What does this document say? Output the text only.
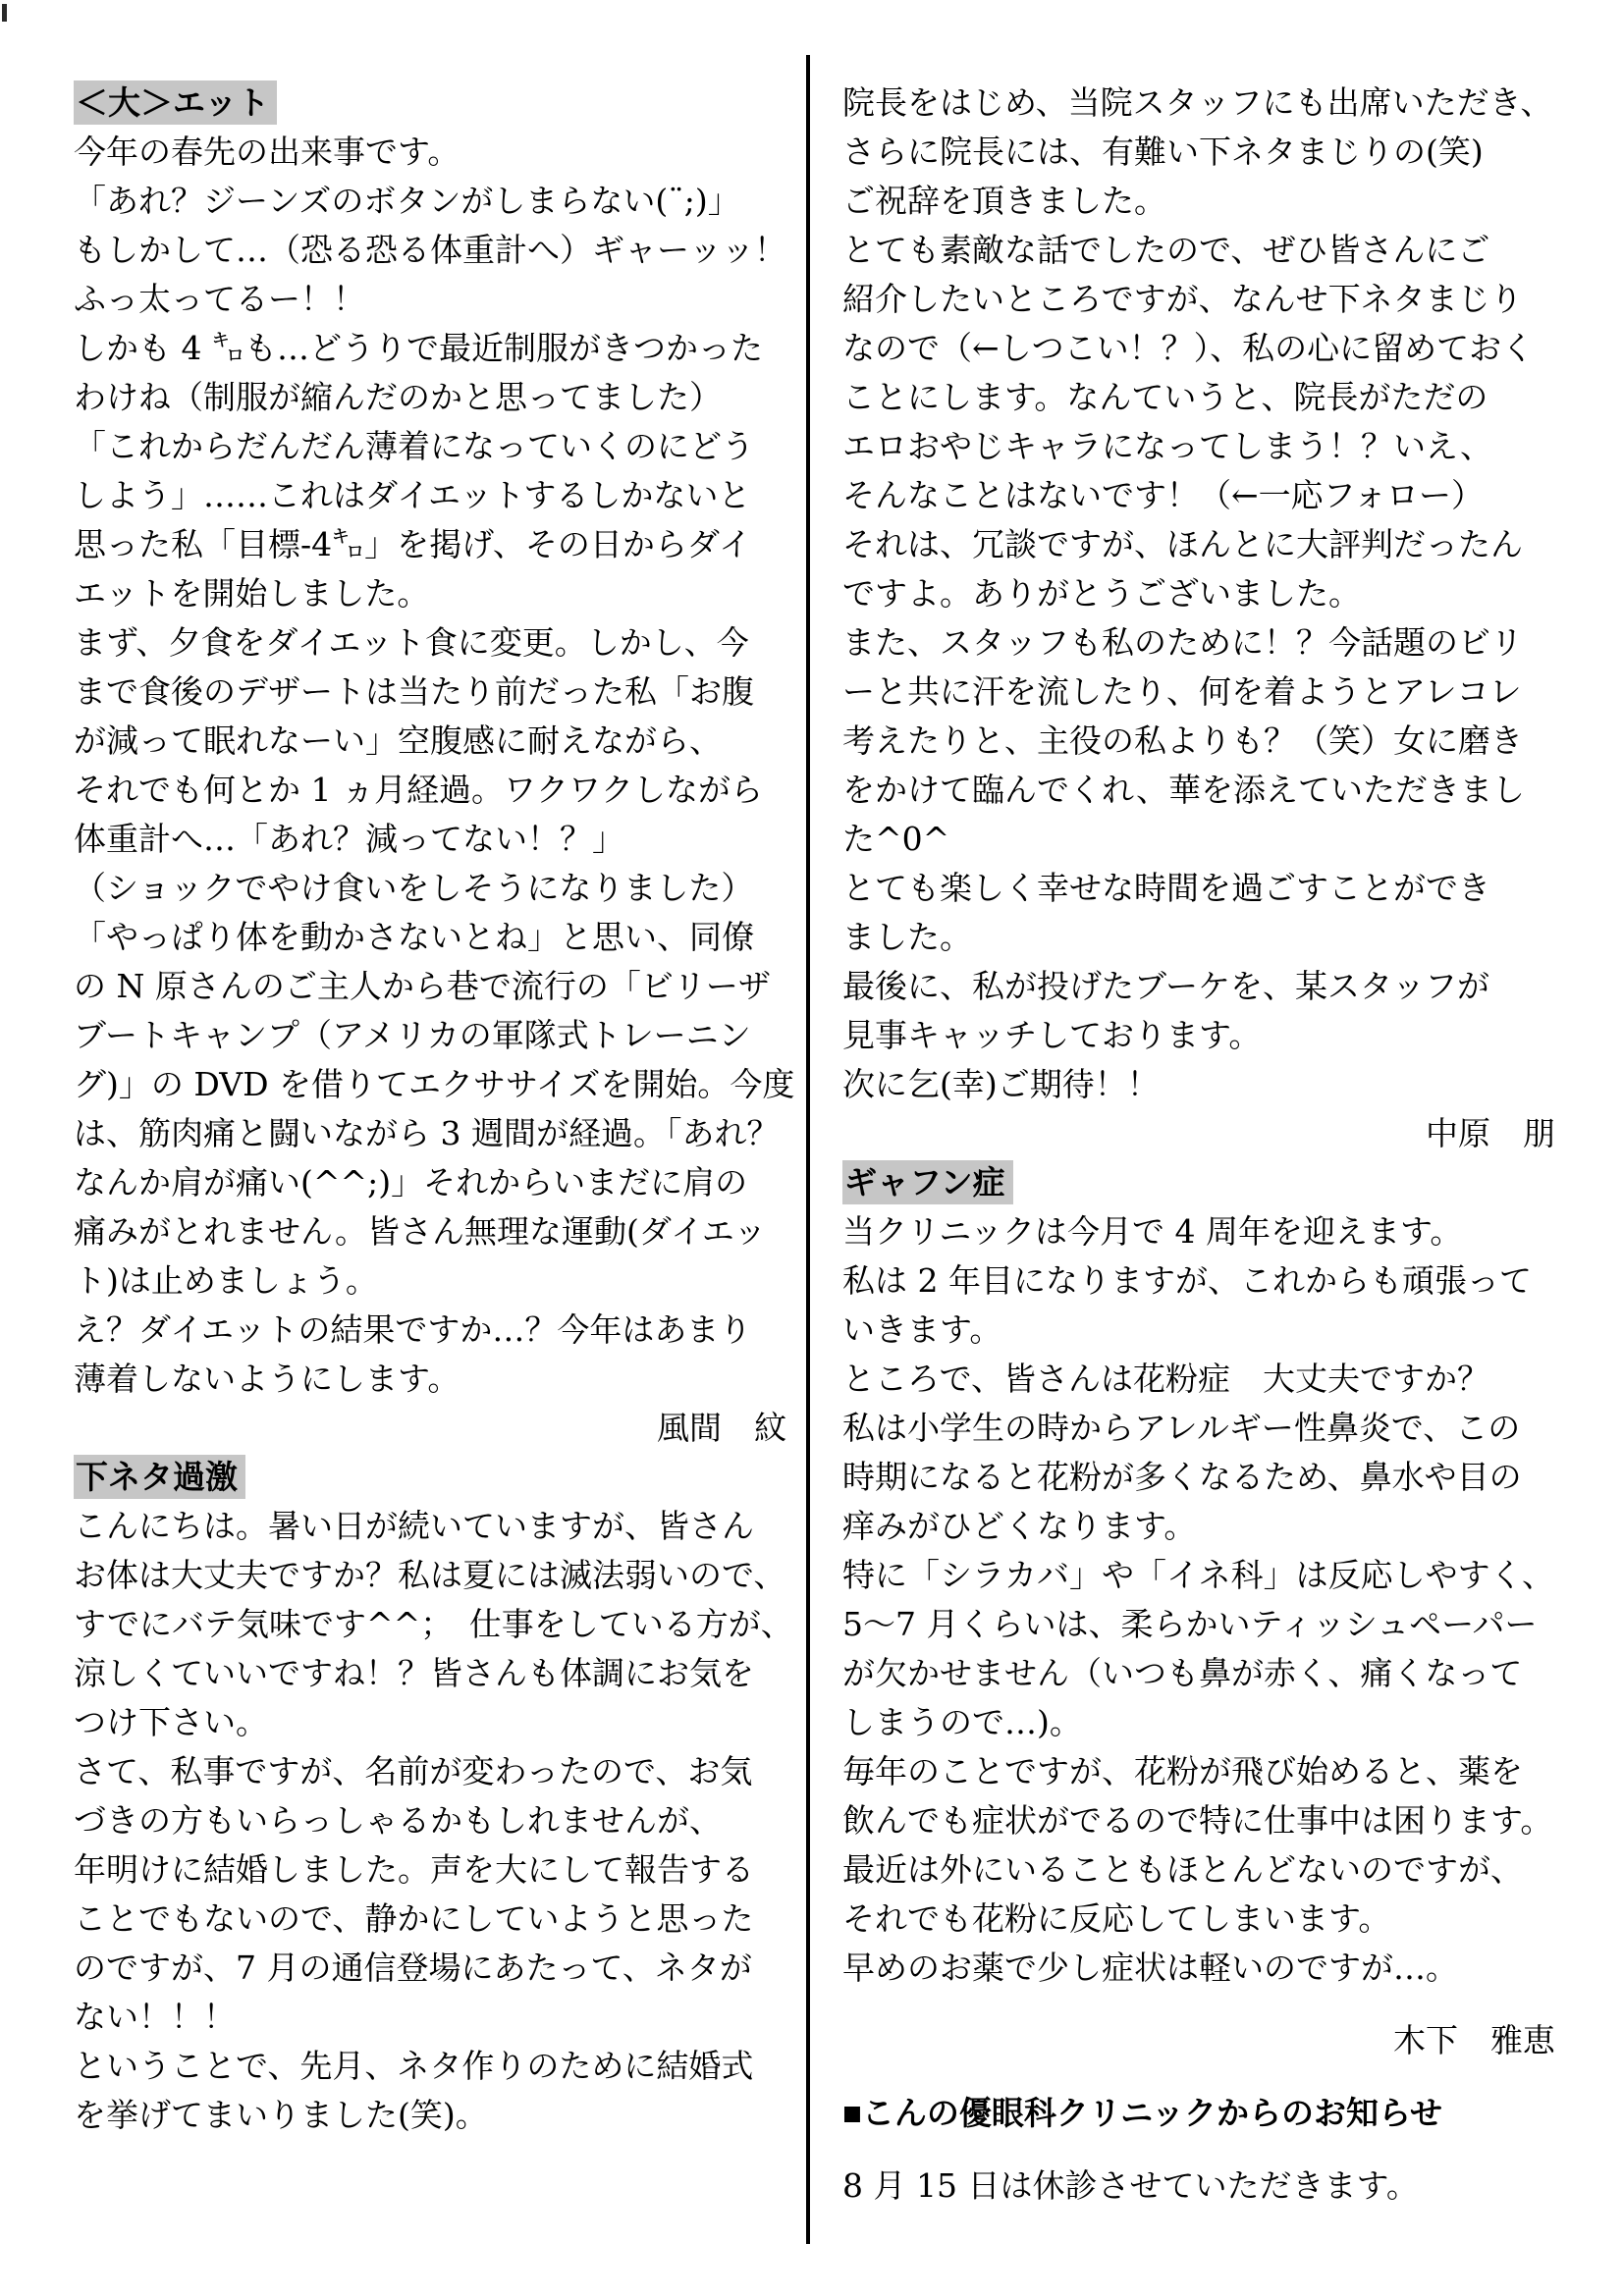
＜大＞エット
今年の春先の出来事です。
「あれ？ジーンズのボタンがしまらない(¨;)」
もしかして…（恐る恐る体重計へ）ギャーッッ！
ふっ太ってるー！！
しかも 4 ㌔も…どうりで最近制服がきつかった
わけね（制服が縮んだのかと思ってました）
「これからだんだん薄着になっていくのにどう
しよう」……これはダイエットするしかないと
思った私「目標-4㌔」を掲げ、その日からダイ
エットを開始しました。
まず、夕食をダイエット食に変更。しかし、今
まで食後のデザートは当たり前だった私「お腹
が減って眠れなーい」空腹感に耐えながら、
それでも何とか 1 ヵ月経過。ワクワクしながら
体重計へ…「あれ？減ってない！？」
（ショックでやけ食いをしそうになりました）
「やっぱり体を動かさないとね」と思い、同僚
の N 原さんのご主人から巷で流行の「ビリーザ
ブートキャンプ（アメリカの軍隊式トレーニン
グ)」の DVD を借りてエクササイズを開始。今度
は、筋肉痛と闘いながら 3 週間が経過。「あれ？
なんか肩が痛い(^^;)」それからいまだに肩の
痛みがとれません。皆さん無理な運動(ダイエッ
ト)は止めましょう。
え？ダイエットの結果ですか…？今年はあまり
薄着しないようにします。
風間　紋
下ネタ過激
こんにちは。暑い日が続いていますが、皆さん
お体は大丈夫ですか？私は夏には滅法弱いので、
すでにバテ気味です^^；　仕事をしている方が、
涼しくていいですね！？皆さんも体調にお気を
つけ下さい。
さて、私事ですが、名前が変わったので、お気
づきの方もいらっしゃるかもしれませんが、
年明けに結婚しました。声を大にして報告する
ことでもないので、静かにしていようと思った
のですが、7 月の通信登場にあたって、ネタが
ない！！！
ということで、先月、ネタ作りのために結婚式
を挙げてまいりました(笑)。
院長をはじめ、当院スタッフにも出席いただき、
さらに院長には、有難い下ネタまじりの(笑)
ご祝辞を頂きました。
とても素敵な話でしたので、ぜひ皆さんにご
紹介したいところですが、なんせ下ネタまじり
なので（←しつこい！？）、私の心に留めておく
ことにします。なんていうと、院長がただの
エロおやじキャラになってしまう！？いえ、
そんなことはないです！（←一応フォロー）
それは、冗談ですが、ほんとに大評判だったん
ですよ。ありがとうございました。
また、スタッフも私のために！？今話題のビリ
ーと共に汗を流したり、何を着ようとアレコレ
考えたりと、主役の私よりも？（笑）女に磨き
をかけて臨んでくれ、華を添えていただきまし
た^0^
とても楽しく幸せな時間を過ごすことができ
ました。
最後に、私が投げたブーケを、某スタッフが
見事キャッチしております。
次に乞(幸)ご期待！！
中原　朋
ギャフン症
当クリニックは今月で 4 周年を迎えます。
私は 2 年目になりますが、これからも頑張って
いきます。
ところで、皆さんは花粉症　大丈夫ですか？
私は小学生の時からアレルギー性鼻炎で、この
時期になると花粉が多くなるため、鼻水や目の
痒みがひどくなります。
特に「シラカバ」や「イネ科」は反応しやすく、
5〜7 月くらいは、柔らかいティッシュペーパー
が欠かせません（いつも鼻が赤く、痛くなって
しまうので…)。
毎年のことですが、花粉が飛び始めると、薬を
飲んでも症状がでるので特に仕事中は困ります。
最近は外にいることもほとんどないのですが、
それでも花粉に反応してしまいます。
早めのお薬で少し症状は軽いのですが…。
木下　雅恵
■こんの優眼科クリニックからのお知らせ
8 月 15 日は休診させていただきます。
